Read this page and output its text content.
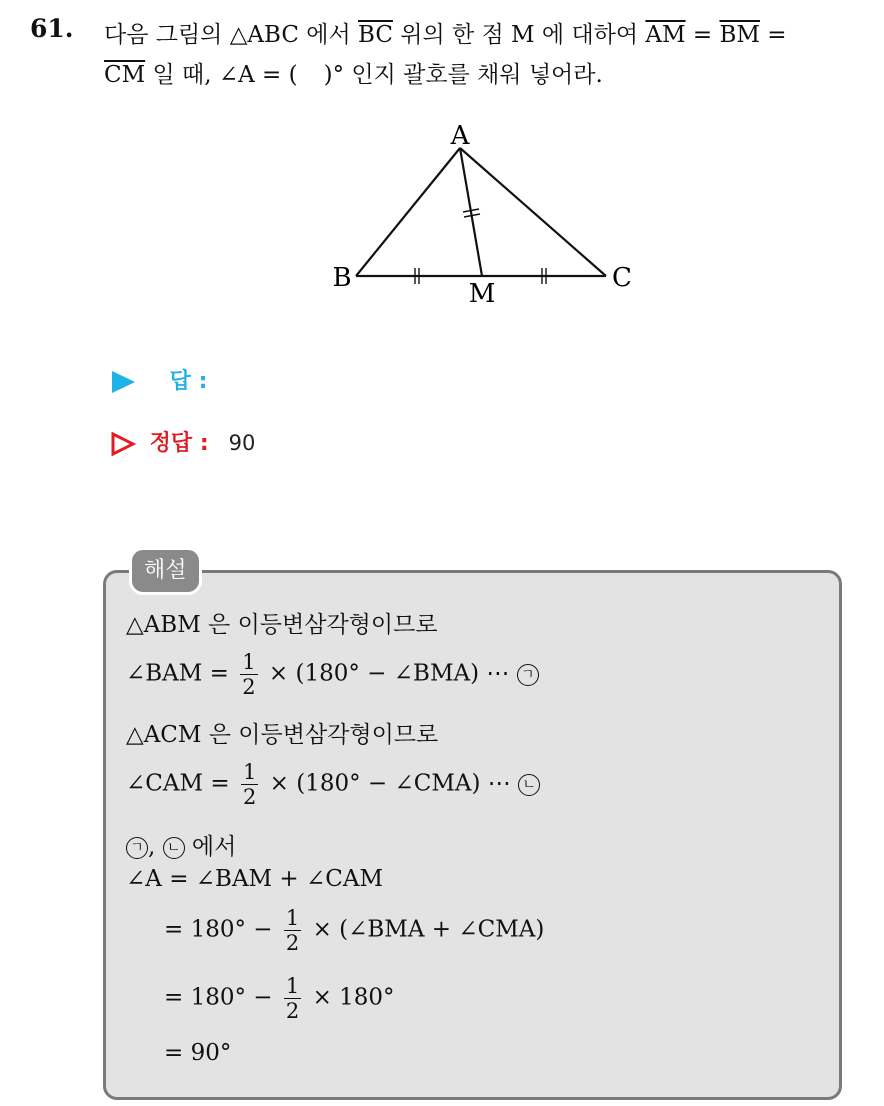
61. 다음 그림의 △ABC 에서 $\overline{BC}$ 위의 한 점 M 에 대하여 $\overline{AM} = \overline{BM}$ =
$\overline{CM}$ 일 때, ∠A = ( )° 인지 괄호를 채워 넣어라.
A
B	C
M
답 :
정답 : 90
해설
△ABM 은 이등변삼각형이므로
∠BAM = $\frac{1}{2} \times (180^\circ$ − ∠BMA) ⋯ ㄱ
△ACM 은 이등변삼각형이므로
∠CAM = $\frac{1}{2} \times (180^\circ$ − ∠CMA) ⋯ ㄴ
ㄱ , ㄴ 에서
∠A = ∠BAM + ∠CAM
= $180^\circ - \frac{1}{2}$ × (∠BMA + ∠CMA)
= $180^\circ - \frac{1}{2} \times 180^\circ$
= 90°
